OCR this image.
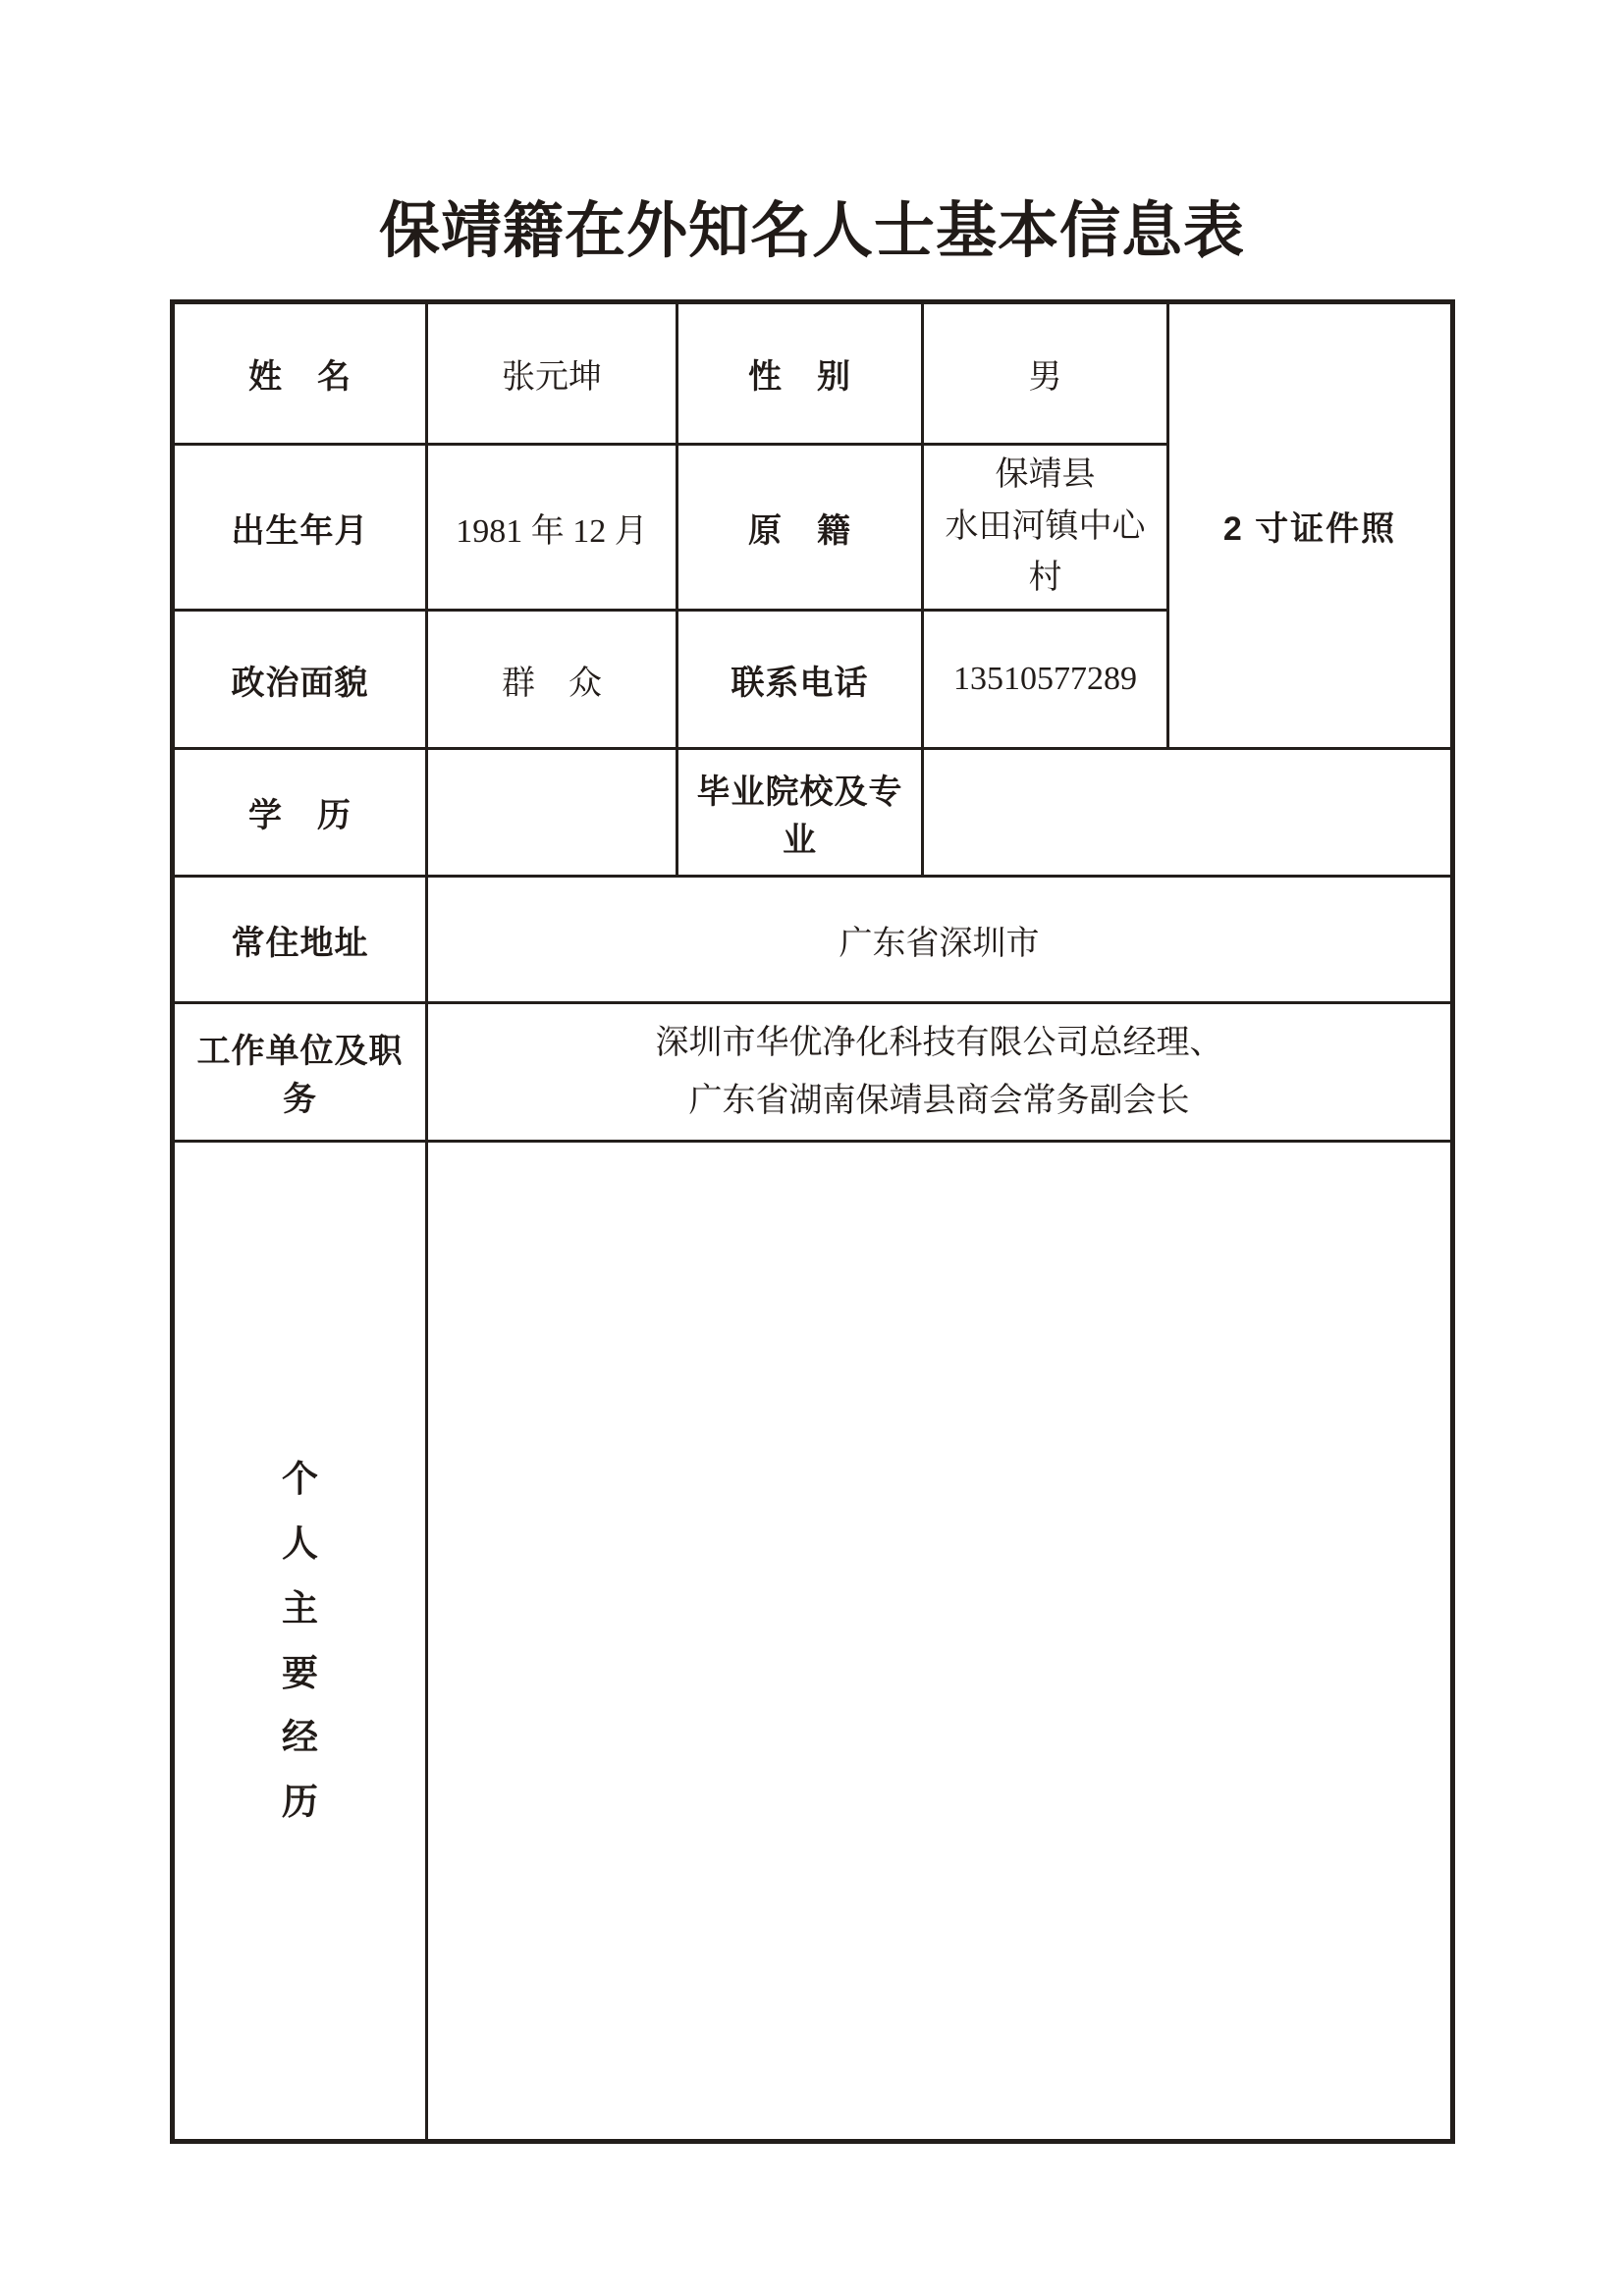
保靖籍在外知名人士基本信息表
姓　名	张元坤	性　别	男	2 寸证件照
出生年月	1981 年 12 月	原　籍	保靖县
水田河镇中心村	

政治面貌	群　众	联系电话	13510577289	
学　历		毕业院校及专业		
常住地址	广东省深圳市			
工作单位及职务	深圳市华优净化科技有限公司总经理、
广东省湖南保靖县商会常务副会长			

个人主要经历				
